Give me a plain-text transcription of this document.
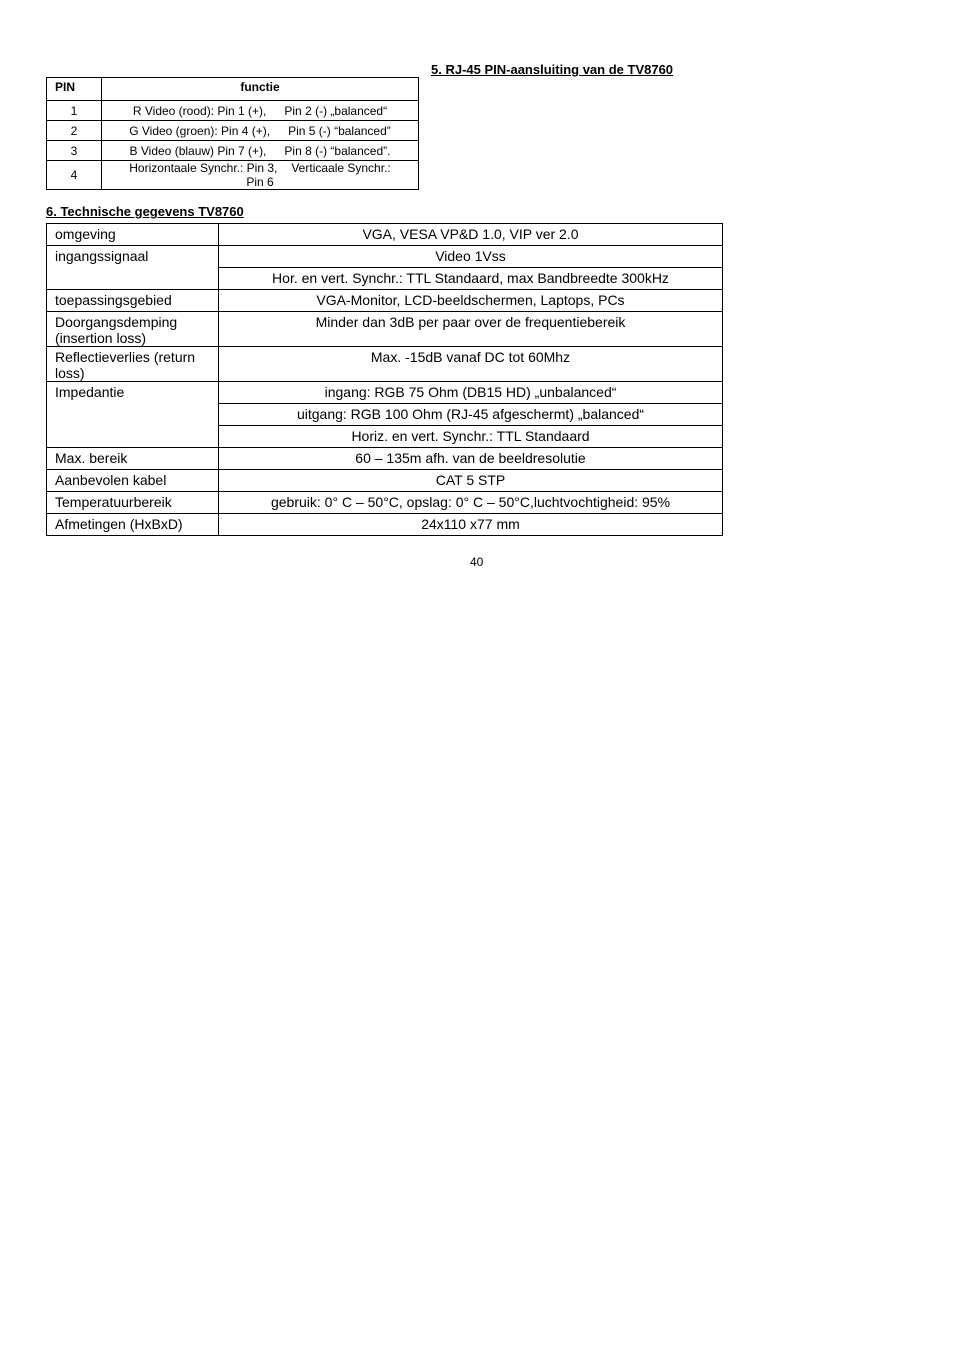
5. RJ-45 PIN-aansluiting van de TV8760
PIN	functie
1	R Video (rood): Pin 1 (+), Pin 2 (-) „balanced“
2	G Video (groen): Pin 4 (+), Pin 5 (-) “balanced”
3	B Video (blauw) Pin 7 (+), Pin 8 (-) “balanced”.
4	Horizontaale Synchr.: Pin 3, Verticaale Synchr.:
Pin 6
6. Technische gegevens TV8760
omgeving	VGA, VESA VP&D 1.0, VIP ver 2.0
ingangssignaal	Video 1Vss
	Hor. en vert. Synchr.: TTL Standaard, max Bandbreedte 300kHz
toepassingsgebied	VGA-Monitor, LCD-beeldschermen, Laptops, PCs
Doorgangsdemping
(insertion loss)	Minder dan 3dB per paar over de frequentiebereik
Reflectieverlies (return
loss)	Max. -15dB vanaf DC tot 60Mhz
Impedantie	ingang: RGB 75 Ohm (DB15 HD) „unbalanced“
	uitgang: RGB 100 Ohm (RJ-45 afgeschermt) „balanced“
	Horiz. en vert. Synchr.: TTL Standaard
Max. bereik	60 – 135m afh. van de beeldresolutie
Aanbevolen kabel	CAT 5 STP
Temperatuurbereik	gebruik: 0° C – 50°C, opslag: 0° C – 50°C,luchtvochtigheid: 95%
Afmetingen (HxBxD)	24x110 x77 mm
40
